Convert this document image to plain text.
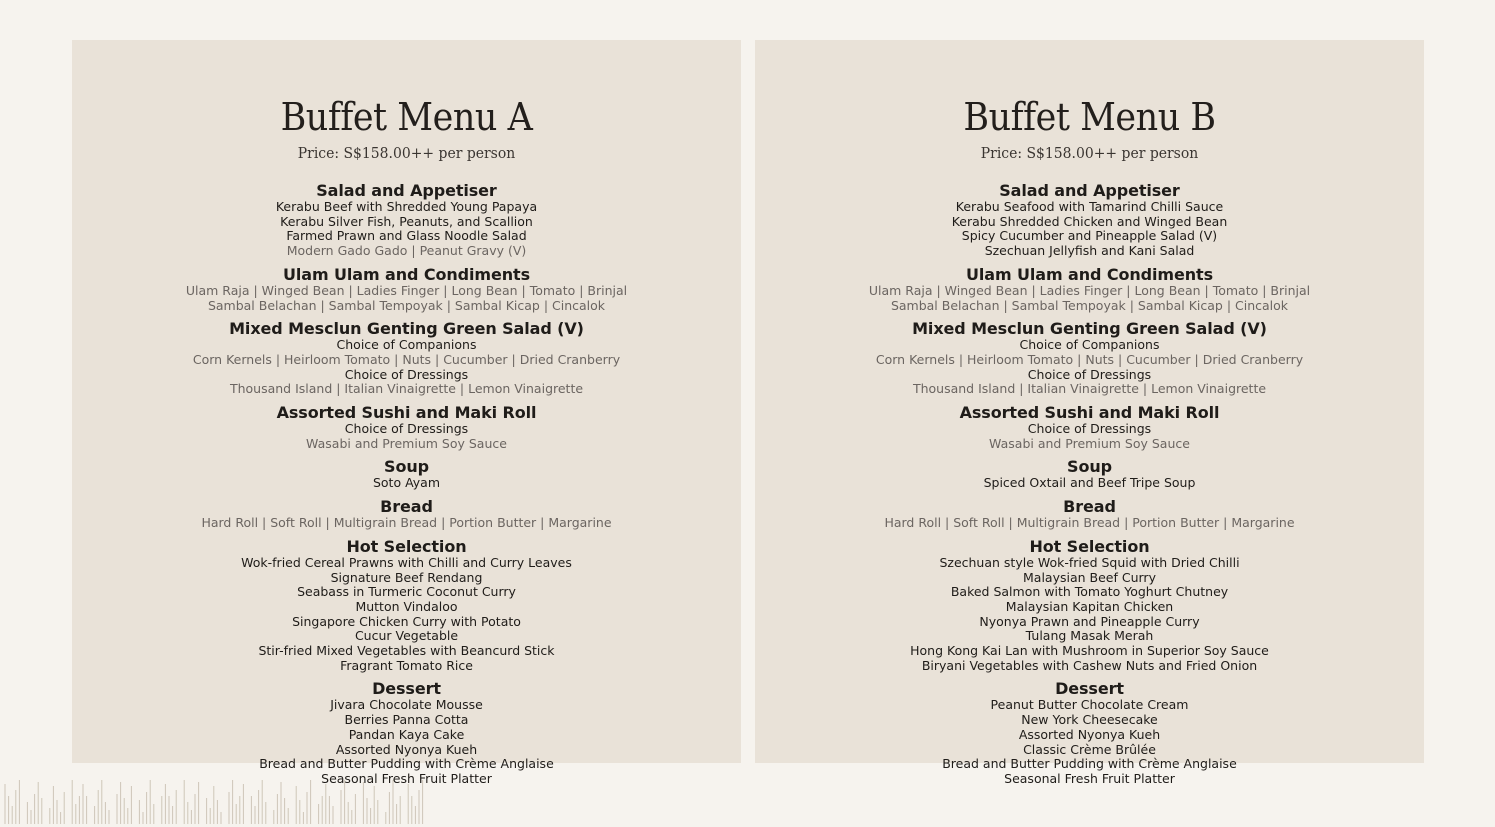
Buffet Menu A
Price: S$158.00++ per person
Salad and Appetiser
Kerabu Beef with Shredded Young Papaya
Kerabu Silver Fish, Peanuts, and Scallion
Farmed Prawn and Glass Noodle Salad
Modern Gado Gado | Peanut Gravy (V)
Ulam Ulam and Condiments
Ulam Raja | Winged Bean | Ladies Finger | Long Bean | Tomato | Brinjal
Sambal Belachan | Sambal Tempoyak | Sambal Kicap | Cincalok
Mixed Mesclun Genting Green Salad (V)
Choice of Companions
Corn Kernels | Heirloom Tomato | Nuts | Cucumber | Dried Cranberry
Choice of Dressings
Thousand Island | Italian Vinaigrette | Lemon Vinaigrette
Assorted Sushi and Maki Roll
Choice of Dressings
Wasabi and Premium Soy Sauce
Soup
Soto Ayam
Bread
Hard Roll | Soft Roll | Multigrain Bread | Portion Butter | Margarine
Hot Selection
Wok-fried Cereal Prawns with Chilli and Curry Leaves
Signature Beef Rendang
Seabass in Turmeric Coconut Curry
Mutton Vindaloo
Singapore Chicken Curry with Potato
Cucur Vegetable
Stir-fried Mixed Vegetables with Beancurd Stick
Fragrant Tomato Rice
Dessert
Jivara Chocolate Mousse
Berries Panna Cotta
Pandan Kaya Cake
Assorted Nyonya Kueh
Bread and Butter Pudding with Crème Anglaise
Seasonal Fresh Fruit Platter
Buffet Menu B
Price: S$158.00++ per person
Salad and Appetiser
Kerabu Seafood with Tamarind Chilli Sauce
Kerabu Shredded Chicken and Winged Bean
Spicy Cucumber and Pineapple Salad (V)
Szechuan Jellyfish and Kani Salad
Ulam Ulam and Condiments
Ulam Raja | Winged Bean | Ladies Finger | Long Bean | Tomato | Brinjal
Sambal Belachan | Sambal Tempoyak | Sambal Kicap | Cincalok
Mixed Mesclun Genting Green Salad (V)
Choice of Companions
Corn Kernels | Heirloom Tomato | Nuts | Cucumber | Dried Cranberry
Choice of Dressings
Thousand Island | Italian Vinaigrette | Lemon Vinaigrette
Assorted Sushi and Maki Roll
Choice of Dressings
Wasabi and Premium Soy Sauce
Soup
Spiced Oxtail and Beef Tripe Soup
Bread
Hard Roll | Soft Roll | Multigrain Bread | Portion Butter | Margarine
Hot Selection
Szechuan style Wok-fried Squid with Dried Chilli
Malaysian Beef Curry
Baked Salmon with Tomato Yoghurt Chutney
Malaysian Kapitan Chicken
Nyonya Prawn and Pineapple Curry
Tulang Masak Merah
Hong Kong Kai Lan with Mushroom in Superior Soy Sauce
Biryani Vegetables with Cashew Nuts and Fried Onion
Dessert
Peanut Butter Chocolate Cream
New York Cheesecake
Assorted Nyonya Kueh
Classic Crème Brûlée
Bread and Butter Pudding with Crème Anglaise
Seasonal Fresh Fruit Platter
